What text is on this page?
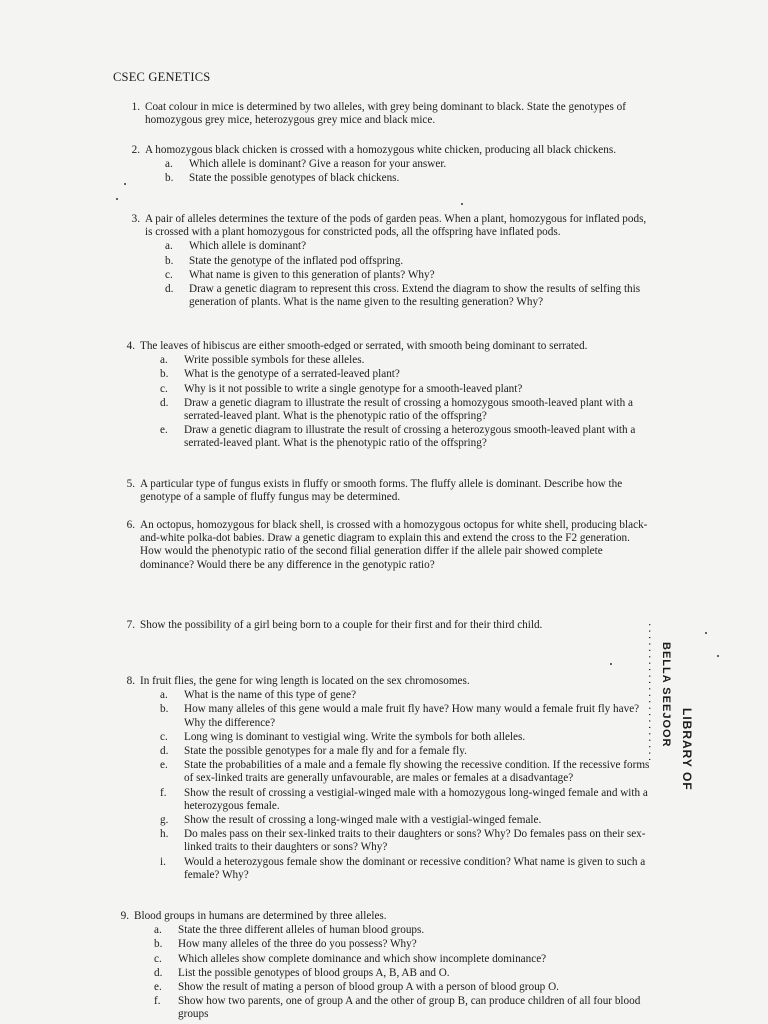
CSEC GENETICS
1. Coat colour in mice is determined by two alleles, with grey being dominant to black. State the genotypes of homozygous grey mice, heterozygous grey mice and black mice.
2. A homozygous black chicken is crossed with a homozygous white chicken, producing all black chickens.
a. Which allele is dominant? Give a reason for your answer.
b. State the possible genotypes of black chickens.
3. A pair of alleles determines the texture of the pods of garden peas. When a plant, homozygous for inflated pods, is crossed with a plant homozygous for constricted pods, all the offspring have inflated pods.
a. Which allele is dominant?
b. State the genotype of the inflated pod offspring.
c. What name is given to this generation of plants? Why?
d. Draw a genetic diagram to represent this cross. Extend the diagram to show the results of selfing this generation of plants. What is the name given to the resulting generation? Why?
4. The leaves of hibiscus are either smooth-edged or serrated, with smooth being dominant to serrated.
a. Write possible symbols for these alleles.
b. What is the genotype of a serrated-leaved plant?
c. Why is it not possible to write a single genotype for a smooth-leaved plant?
d. Draw a genetic diagram to illustrate the result of crossing a homozygous smooth-leaved plant with a serrated-leaved plant. What is the phenotypic ratio of the offspring?
e. Draw a genetic diagram to illustrate the result of crossing a heterozygous smooth-leaved plant with a serrated-leaved plant. What is the phenotypic ratio of the offspring?
5. A particular type of fungus exists in fluffy or smooth forms. The fluffy allele is dominant. Describe how the genotype of a sample of fluffy fungus may be determined.
6. An octopus, homozygous for black shell, is crossed with a homozygous octopus for white shell, producing black-and-white polka-dot babies. Draw a genetic diagram to explain this and extend the cross to the F2 generation. How would the phenotypic ratio of the second filial generation differ if the allele pair showed complete dominance? Would there be any difference in the genotypic ratio?
7. Show the possibility of a girl being born to a couple for their first and for their third child.
8. In fruit flies, the gene for wing length is located on the sex chromosomes.
a. What is the name of this type of gene?
b. How many alleles of this gene would a male fruit fly have? How many would a female fruit fly have? Why the difference?
c. Long wing is dominant to vestigial wing. Write the symbols for both alleles.
d. State the possible genotypes for a male fly and for a female fly.
e. State the probabilities of a male and a female fly showing the recessive condition. If the recessive forms of sex-linked traits are generally unfavourable, are males or females at a disadvantage?
f. Show the result of crossing a vestigial-winged male with a homozygous long-winged female and with a heterozygous female.
g. Show the result of crossing a long-winged male with a vestigial-winged female.
h. Do males pass on their sex-linked traits to their daughters or sons? Why? Do females pass on their sex-linked traits to their daughters or sons? Why?
i. Would a heterozygous female show the dominant or recessive condition? What name is given to such a female? Why?
9. Blood groups in humans are determined by three alleles.
a. State the three different alleles of human blood groups.
b. How many alleles of the three do you possess? Why?
c. Which alleles show complete dominance and which show incomplete dominance?
d. List the possible genotypes of blood groups A, B, AB and O.
e. Show the result of mating a person of blood group A with a person of blood group O.
f. Show how two parents, one of group A and the other of group B, can produce children of all four blood groups
LIBRARY OF
BELLA SEEJOOR
......................
